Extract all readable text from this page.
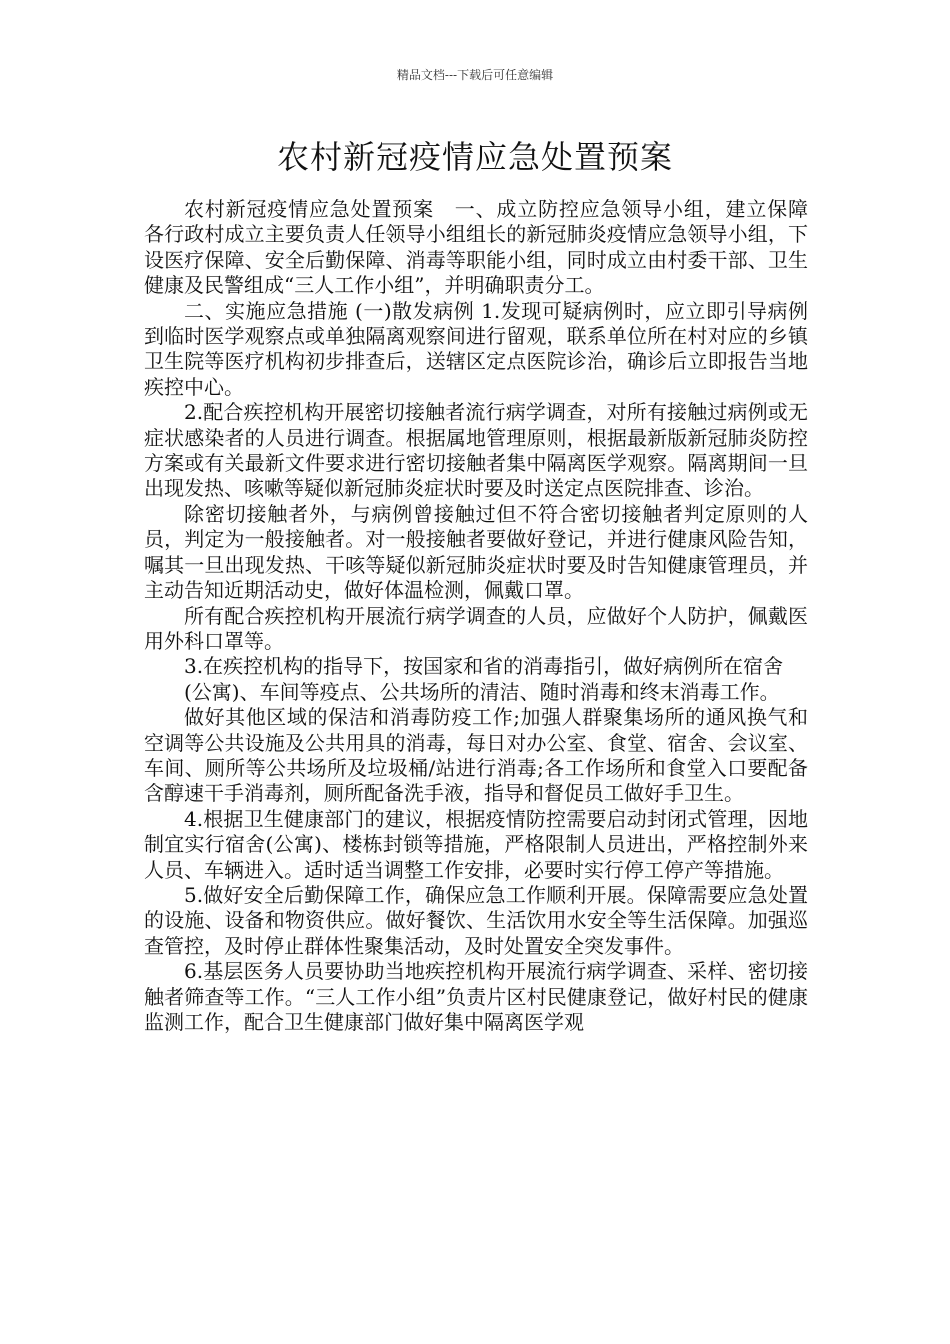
精品文档---下载后可任意编辑
农村新冠疫情应急处置预案

农村新冠疫情应急处置预案　一、成立防控应急领导小组，建立保障 各行政村成立主要负责人任领导小组组长的新冠肺炎疫情应急领导小组，下设医疗保障、安全后勤保障、消毒等职能小组，同时成立由村委干部、卫生健康及民警组成“三人工作小组”，并明确职责分工。

二、实施应急措施 (一)散发病例 1.发现可疑病例时，应立即引导病例到临时医学观察点或单独隔离观察间进行留观，联系单位所在村对应的乡镇卫生院等医疗机构初步排查后，送辖区定点医院诊治，确诊后立即报告当地疾控中心。

2.配合疾控机构开展密切接触者流行病学调查，对所有接触过病例或无症状感染者的人员进行调查。根据属地管理原则，根据最新版新冠肺炎防控方案或有关最新文件要求进行密切接触者集中隔离医学观察。隔离期间一旦出现发热、咳嗽等疑似新冠肺炎症状时要及时送定点医院排查、诊治。

除密切接触者外，与病例曾接触过但不符合密切接触者判定原则的人员，判定为一般接触者。对一般接触者要做好登记，并进行健康风险告知，嘱其一旦出现发热、干咳等疑似新冠肺炎症状时要及时告知健康管理员，并主动告知近期活动史，做好体温检测，佩戴口罩。

所有配合疾控机构开展流行病学调查的人员，应做好个人防护，佩戴医用外科口罩等。

3.在疾控机构的指导下，按国家和省的消毒指引，做好病例所在宿舍

(公寓)、车间等疫点、公共场所的清洁、随时消毒和终末消毒工作。

做好其他区域的保洁和消毒防疫工作;加强人群聚集场所的通风换气和空调等公共设施及公共用具的消毒，每日对办公室、食堂、宿舍、会议室、车间、厕所等公共场所及垃圾桶/站进行消毒;各工作场所和食堂入口要配备含醇速干手消毒剂，厕所配备洗手液，指导和督促员工做好手卫生。

4.根据卫生健康部门的建议，根据疫情防控需要启动封闭式管理，因地制宜实行宿舍(公寓)、楼栋封锁等措施，严格限制人员进出，严格控制外来人员、车辆进入。适时适当调整工作安排，必要时实行停工停产等措施。

5.做好安全后勤保障工作，确保应急工作顺利开展。保障需要应急处置的设施、设备和物资供应。做好餐饮、生活饮用水安全等生活保障。加强巡查管控，及时停止群体性聚集活动，及时处置安全突发事件。

6.基层医务人员要协助当地疾控机构开展流行病学调查、采样、密切接触者筛查等工作。“三人工作小组”负责片区村民健康登记，做好村民的健康监测工作，配合卫生健康部门做好集中隔离医学观
